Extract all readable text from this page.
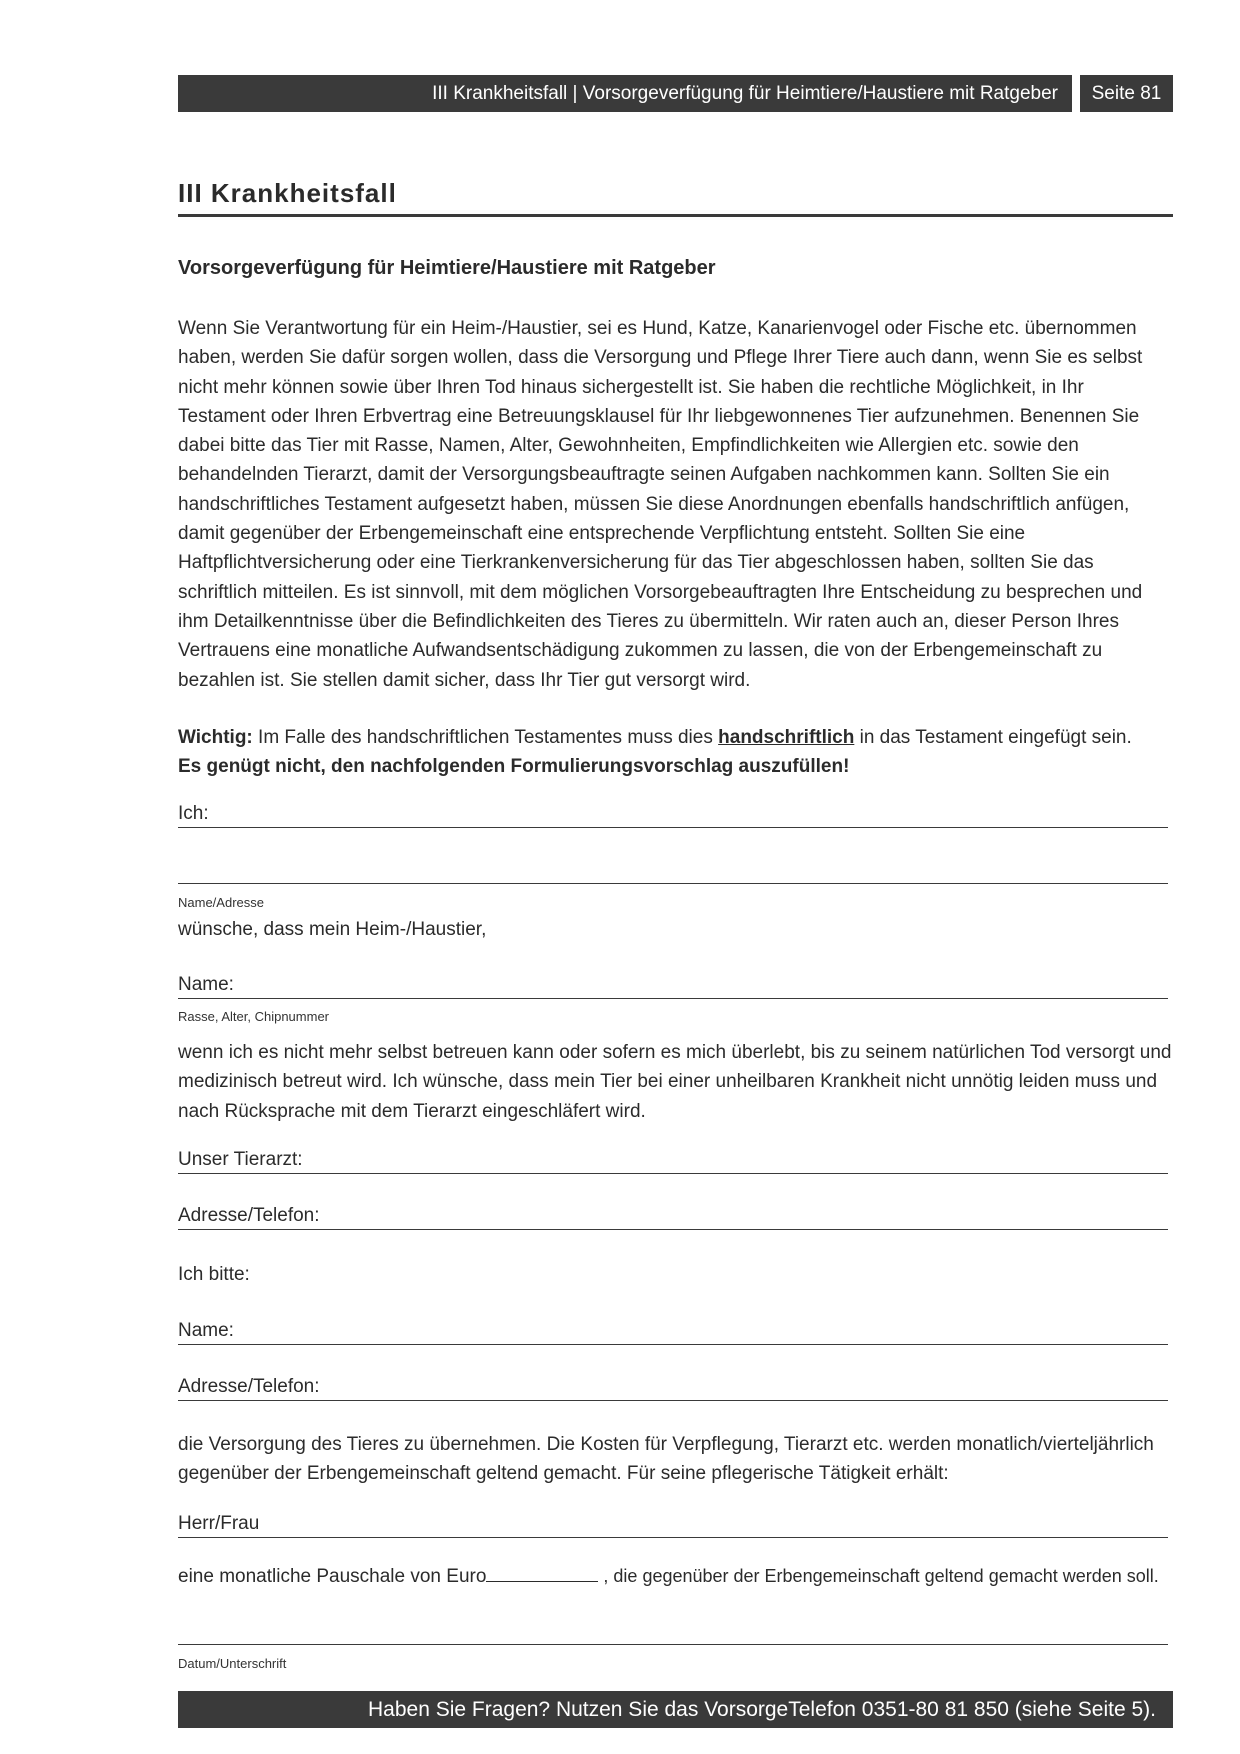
III Krankheitsfall | Vorsorgeverfügung für Heimtiere/Haustiere mit Ratgeber	Seite 81
III Krankheitsfall
Vorsorgeverfügung für Heimtiere/Haustiere mit Ratgeber
Wenn Sie Verantwortung für ein Heim-/Haustier, sei es Hund, Katze, Kanarienvogel oder Fische etc. übernommen haben, werden Sie dafür sorgen wollen, dass die Versorgung und Pflege Ihrer Tiere auch dann, wenn Sie es selbst nicht mehr können sowie über Ihren Tod hinaus sichergestellt ist. Sie haben die rechtliche Möglichkeit, in Ihr Testament oder Ihren Erbvertrag eine Betreuungsklausel für Ihr liebgewonnenes Tier aufzunehmen. Benennen Sie dabei bitte das Tier mit Rasse, Namen, Alter, Gewohnheiten, Empfindlichkeiten wie Allergien etc. sowie den behandelnden Tierarzt, damit der Versorgungsbeauftragte seinen Aufgaben nachkommen kann. Sollten Sie ein handschriftliches Testament aufgesetzt haben, müssen Sie diese Anordnungen ebenfalls handschriftlich anfügen, damit gegenüber der Erbengemeinschaft eine entsprechende Verpflichtung entsteht. Sollten Sie eine Haftpflichtversicherung oder eine Tierkrankenversicherung für das Tier abgeschlossen haben, sollten Sie das schriftlich mitteilen. Es ist sinnvoll, mit dem möglichen Vorsorgebeauftragten Ihre Entscheidung zu besprechen und ihm Detailkenntnisse über die Befindlichkeiten des Tieres zu übermitteln. Wir raten auch an, dieser Person Ihres Vertrauens eine monatliche Aufwandsentschädigung zukommen zu lassen, die von der Erbengemeinschaft zu bezahlen ist. Sie stellen damit sicher, dass Ihr Tier gut versorgt wird.
Wichtig: Im Falle des handschriftlichen Testamentes muss dies handschriftlich in das Testament eingefügt sein.
Es genügt nicht, den nachfolgenden Formulierungsvorschlag auszufüllen!
Ich:
Name/Adresse
wünsche, dass mein Heim-/Haustier,
Name:
Rasse, Alter, Chipnummer
wenn ich es nicht mehr selbst betreuen kann oder sofern es mich überlebt, bis zu seinem natürlichen Tod versorgt und medizinisch betreut wird. Ich wünsche, dass mein Tier bei einer unheilbaren Krankheit nicht unnötig leiden muss und nach Rücksprache mit dem Tierarzt eingeschläfert wird.
Unser Tierarzt:
Adresse/Telefon:
Ich bitte:
Name:
Adresse/Telefon:
die Versorgung des Tieres zu übernehmen. Die Kosten für Verpflegung, Tierarzt etc. werden monatlich/vierteljährlich gegenüber der Erbengemeinschaft geltend gemacht. Für seine pflegerische Tätigkeit erhält:
Herr/Frau
eine monatliche Pauschale von Euro	, die gegenüber der Erbengemeinschaft geltend gemacht werden soll.
Datum/Unterschrift
Haben Sie Fragen? Nutzen Sie das VorsorgeTelefon 0351-80 81 850 (siehe Seite 5).
